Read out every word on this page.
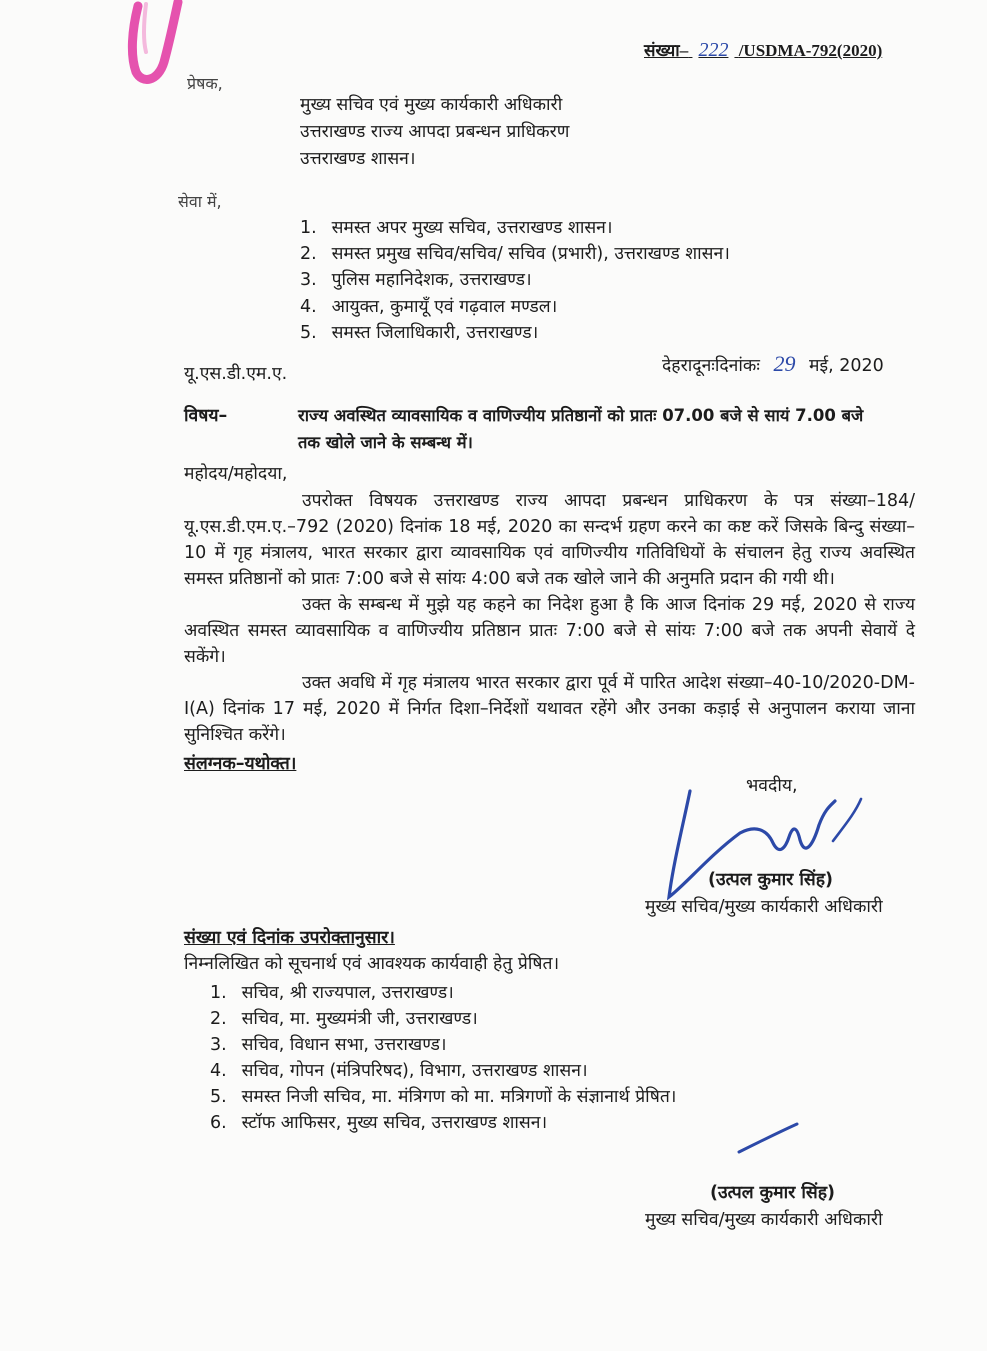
संख्या– 222 /USDMA-792(2020)
प्रेषक,
मुख्य सचिव एवं मुख्य कार्यकारी अधिकारी
उत्तराखण्ड राज्य आपदा प्रबन्धन प्राधिकरण
उत्तराखण्ड शासन।
सेवा में,
1. समस्त अपर मुख्य सचिव, उत्तराखण्ड शासन।
2. समस्त प्रमुख सचिव/सचिव/ सचिव (प्रभारी), उत्तराखण्ड शासन।
3. पुलिस महानिदेशक, उत्तराखण्ड।
4. आयुक्त, कुमायूँ एवं गढ़वाल मण्डल।
5. समस्त जिलाधिकारी, उत्तराखण्ड।
यू.एस.डी.एम.ए.	देहरादूनःदिनांकः 29 मई, 2020
विषय–	राज्य अवस्थित व्यावसायिक व वाणिज्यीय प्रतिष्ठानों को प्रातः 07.00 बजे से सायं 7.00 बजे
तक खोले जाने के सम्बन्ध में।
महोदय/महोदया,

उपरोक्त विषयक उत्तराखण्ड राज्य आपदा प्रबन्धन प्राधिकरण के पत्र संख्या–184/यू.एस.डी.एम.ए.–792 (2020) दिनांक 18 मई, 2020 का सन्दर्भ ग्रहण करने का कष्ट करें जिसके बिन्दु संख्या–10 में गृह मंत्रालय, भारत सरकार द्वारा व्यावसायिक एवं वाणिज्यीय गतिविधियों के संचालन हेतु राज्य अवस्थित समस्त प्रतिष्ठानों को प्रातः 7:00 बजे से सांयः 4:00 बजे तक खोले जाने की अनुमति प्रदान की गयी थी।

उक्त के सम्बन्ध में मुझे यह कहने का निदेश हुआ है कि आज दिनांक 29 मई, 2020 से राज्य अवस्थित समस्त व्यावसायिक व वाणिज्यीय प्रतिष्ठान प्रातः 7:00 बजे से सांयः 7:00 बजे तक अपनी सेवायें दे सकेंगे।

उक्त अवधि में गृह मंत्रालय भारत सरकार द्वारा पूर्व में पारित आदेश संख्या–40-10/2020-DM-I(A) दिनांक 17 मई, 2020 में निर्गत दिशा–निर्देशों यथावत रहेंगे और उनका कड़ाई से अनुपालन कराया जाना सुनिश्चित करेंगे।

संलग्नक–यथोक्त।
भवदीय,
(उत्पल कुमार सिंह)
मुख्य सचिव/मुख्य कार्यकारी अधिकारी
संख्या एवं दिनांक उपरोक्तानुसार।
निम्नलिखित को सूचनार्थ एवं आवश्यक कार्यवाही हेतु प्रेषित।
1. सचिव, श्री राज्यपाल, उत्तराखण्ड।
2. सचिव, मा. मुख्यमंत्री जी, उत्तराखण्ड।
3. सचिव, विधान सभा, उत्तराखण्ड।
4. सचिव, गोपन (मंत्रिपरिषद), विभाग, उत्तराखण्ड शासन।
5. समस्त निजी सचिव, मा. मंत्रिगण को मा. मत्रिगणों के संज्ञानार्थ प्रेषित।
6. स्टॉफ आफिसर, मुख्य सचिव, उत्तराखण्ड शासन।
(उत्पल कुमार सिंह)
मुख्य सचिव/मुख्य कार्यकारी अधिकारी
